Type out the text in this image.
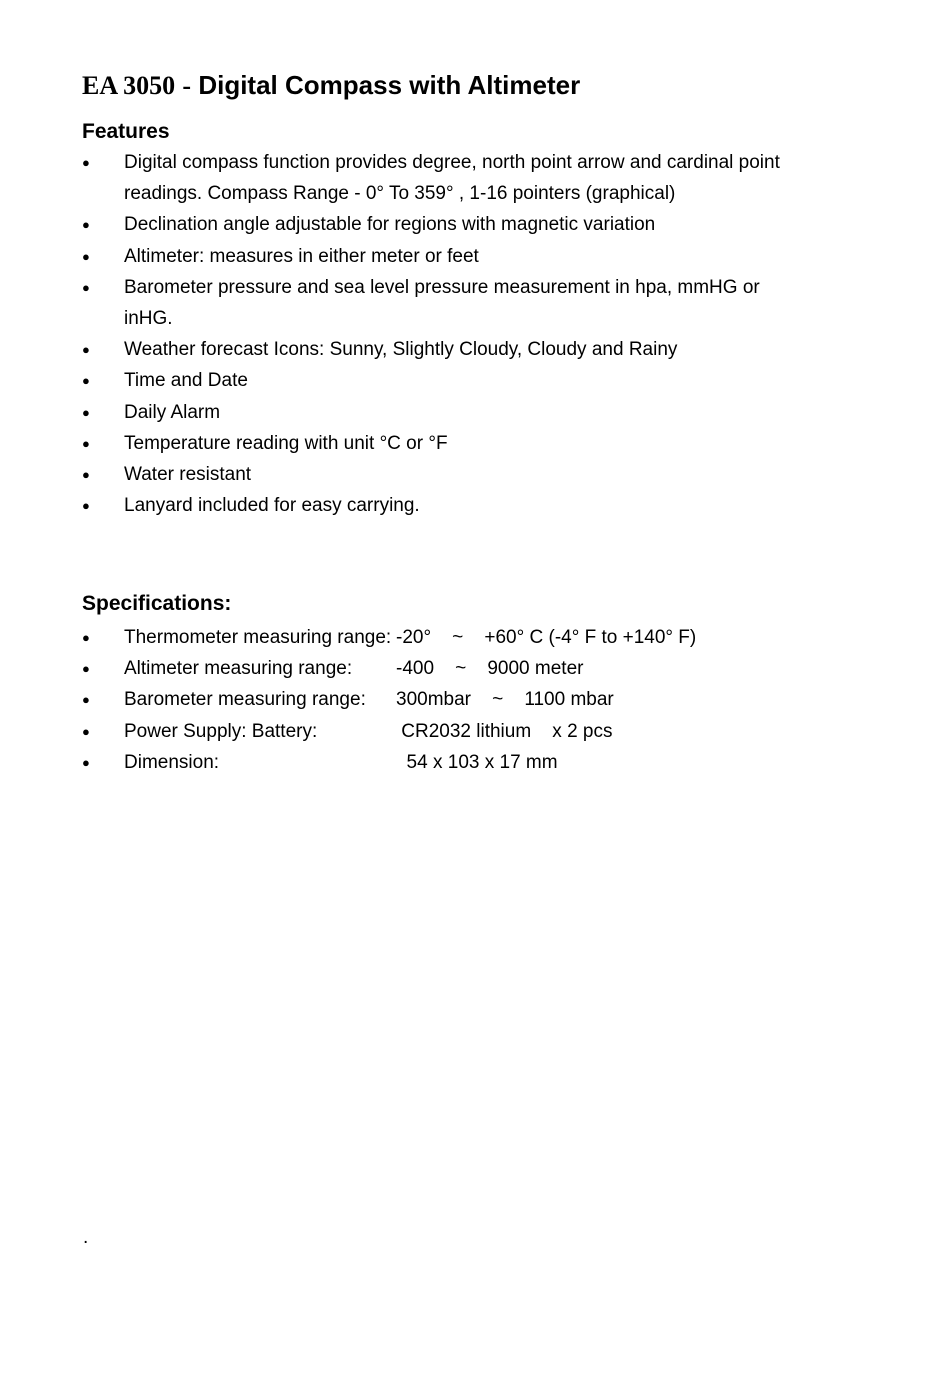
EA 3050 - Digital Compass with Altimeter
Features
● Digital compass function provides degree, north point arrow and cardinal point readings. Compass Range - 0° To 359° , 1-16 pointers (graphical)
● Declination angle adjustable for regions with magnetic variation
● Altimeter: measures in either meter or feet
● Barometer pressure and sea level pressure measurement in hpa, mmHG or inHG.
● Weather forecast Icons: Sunny, Slightly Cloudy, Cloudy and Rainy
● Time and Date
● Daily Alarm
● Temperature reading with unit °C or °F
● Water resistant
● Lanyard included for easy carrying.
Specifications:
● Thermometer measuring range: -20°    ~    +60° C (-4° F to +140° F)
● Altimeter measuring range: -400    ~    9000 meter
● Barometer measuring range: 300mbar    ~    1100 mbar
● Power Supply: Battery:	CR2032 lithium    x 2 pcs
● Dimension:	54 x 103 x 17 mm
.
